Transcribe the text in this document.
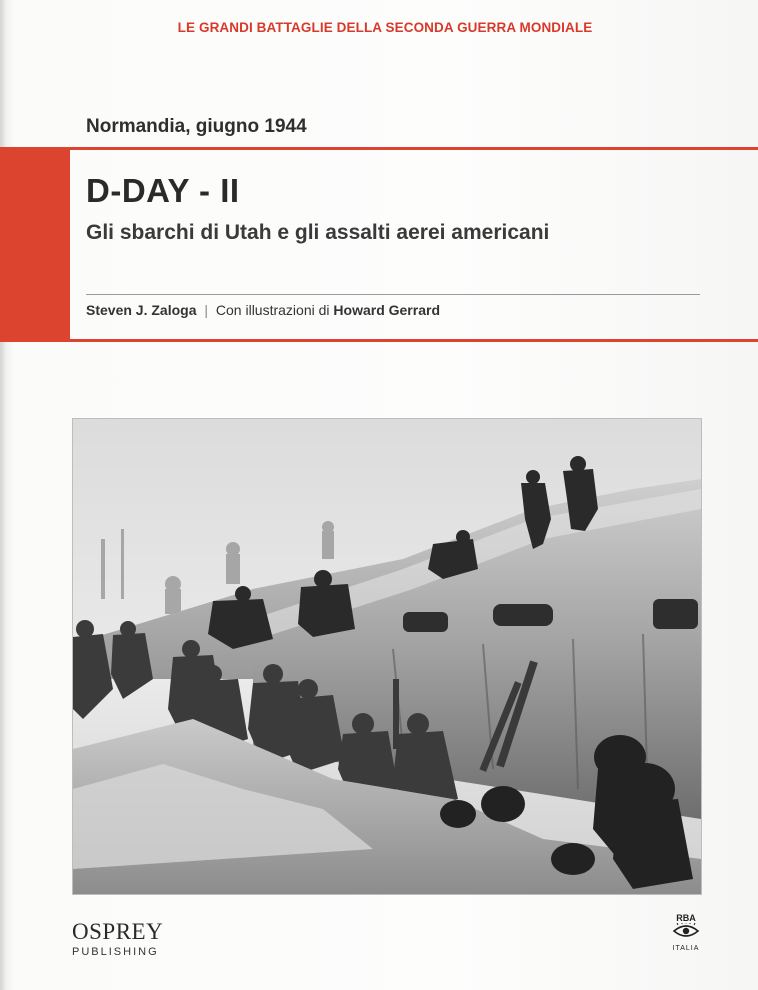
LE GRANDI BATTAGLIE DELLA SECONDA GUERRA MONDIALE
Normandia, giugno 1944
D-DAY - II
Gli sbarchi di Utah e gli assalti aerei americani
Steven J. Zaloga | Con illustrazioni di Howard Gerrard
OSPREY
PUBLISHING
RBA
ITALIA
